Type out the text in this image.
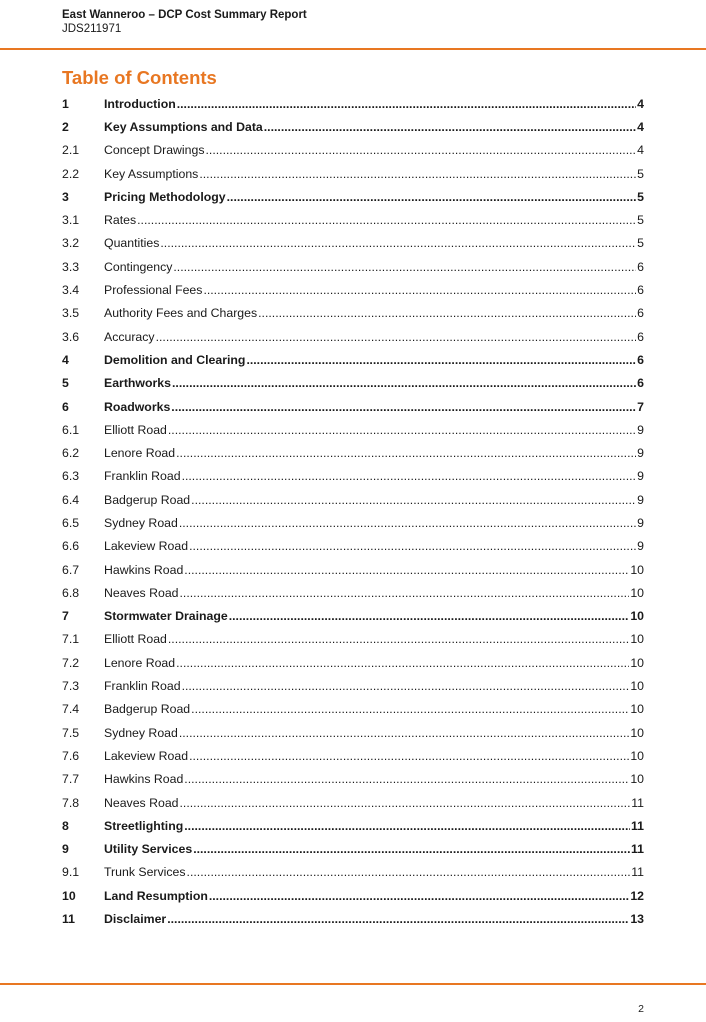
East Wanneroo – DCP Cost Summary Report
JDS211971
Table of Contents
1	Introduction .....	4
2	Key Assumptions and Data .....	4
2.1	Concept Drawings .....	4
2.2	Key Assumptions .....	5
3	Pricing Methodology .....	5
3.1	Rates .....	5
3.2	Quantities .....	5
3.3	Contingency .....	6
3.4	Professional Fees .....	6
3.5	Authority Fees and Charges .....	6
3.6	Accuracy .....	6
4	Demolition and Clearing .....	6
5	Earthworks .....	6
6	Roadworks .....	7
6.1	Elliott Road .....	9
6.2	Lenore Road .....	9
6.3	Franklin Road .....	9
6.4	Badgerup Road .....	9
6.5	Sydney Road .....	9
6.6	Lakeview Road .....	9
6.7	Hawkins Road .....	10
6.8	Neaves Road .....	10
7	Stormwater Drainage .....	10
7.1	Elliott Road .....	10
7.2	Lenore Road .....	10
7.3	Franklin Road .....	10
7.4	Badgerup Road .....	10
7.5	Sydney Road .....	10
7.6	Lakeview Road .....	10
7.7	Hawkins Road .....	10
7.8	Neaves Road .....	11
8	Streetlighting .....	11
9	Utility Services .....	11
9.1	Trunk Services .....	11
10	Land Resumption .....	12
11	Disclaimer .....	13
2
